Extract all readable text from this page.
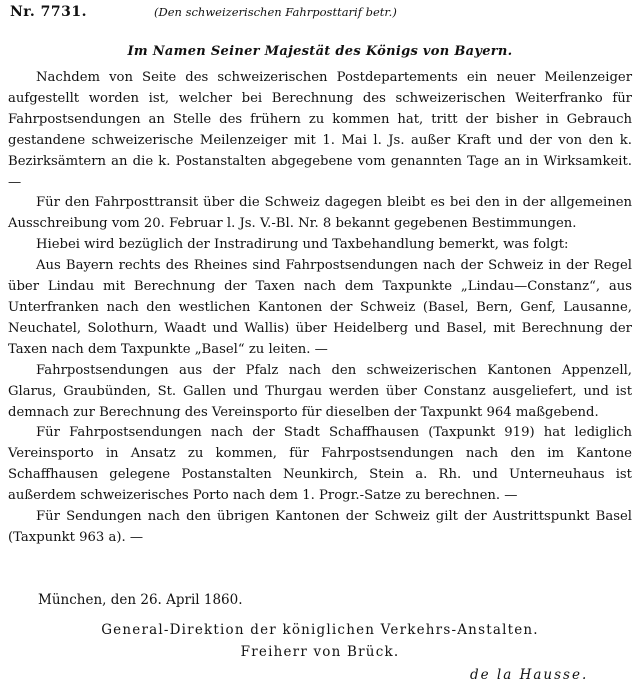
Nr. 7731.	(Den schweizerischen Fahrposttarif betr.)
Im Namen Seiner Majestät des Königs von Bayern.

Nachdem von Seite des schweizerischen Postdepartements ein neuer Meilenzeiger aufgestellt worden ist, welcher bei Berechnung des schweizerischen Weiterfranko für Fahrpostsendungen an Stelle des frühern zu kommen hat, tritt der bisher in Gebrauch gestandene schweizerische Meilenzeiger mit 1. Mai l. Js. außer Kraft und der von den k. Bezirksämtern an die k. Postanstalten abgegebene vom genannten Tage an in Wirksamkeit. —

Für den Fahrposttransit über die Schweiz dagegen bleibt es bei den in der allgemeinen Ausschreibung vom 20. Februar l. Js. V.-Bl. Nr. 8 bekannt gegebenen Bestimmungen.

Hiebei wird bezüglich der Instradirung und Taxbehandlung bemerkt, was folgt:

Aus Bayern rechts des Rheines sind Fahrpostsendungen nach der Schweiz in der Regel über Lindau mit Berechnung der Taxen nach dem Taxpunkte „Lindau—Constanz“, aus Unterfranken nach den westlichen Kantonen der Schweiz (Basel, Bern, Genf, Lausanne, Neuchatel, Solothurn, Waadt und Wallis) über Heidelberg und Basel, mit Berechnung der Taxen nach dem Taxpunkte „Basel“ zu leiten. —

Fahrpostsendungen aus der Pfalz nach den schweizerischen Kantonen Appenzell, Glarus, Graubünden, St. Gallen und Thurgau werden über Constanz ausgeliefert, und ist demnach zur Berechnung des Vereinsporto für dieselben der Taxpunkt 964 maßgebend.

Für Fahrpostsendungen nach der Stadt Schaffhausen (Taxpunkt 919) hat lediglich Vereinsporto in Ansatz zu kommen, für Fahrpostsendungen nach den im Kantone Schaffhausen gelegene Postanstalten Neunkirch, Stein a. Rh. und Unterneuhaus ist außerdem schweizerisches Porto nach dem 1. Progr.-Satze zu berechnen. —

Für Sendungen nach den übrigen Kantonen der Schweiz gilt der Austrittspunkt Basel (Taxpunkt 963 a). —

München, den 26. April 1860.
General-Direktion der königlichen Verkehrs-Anstalten.
Freiherr von Brück.
de la Hausse.
